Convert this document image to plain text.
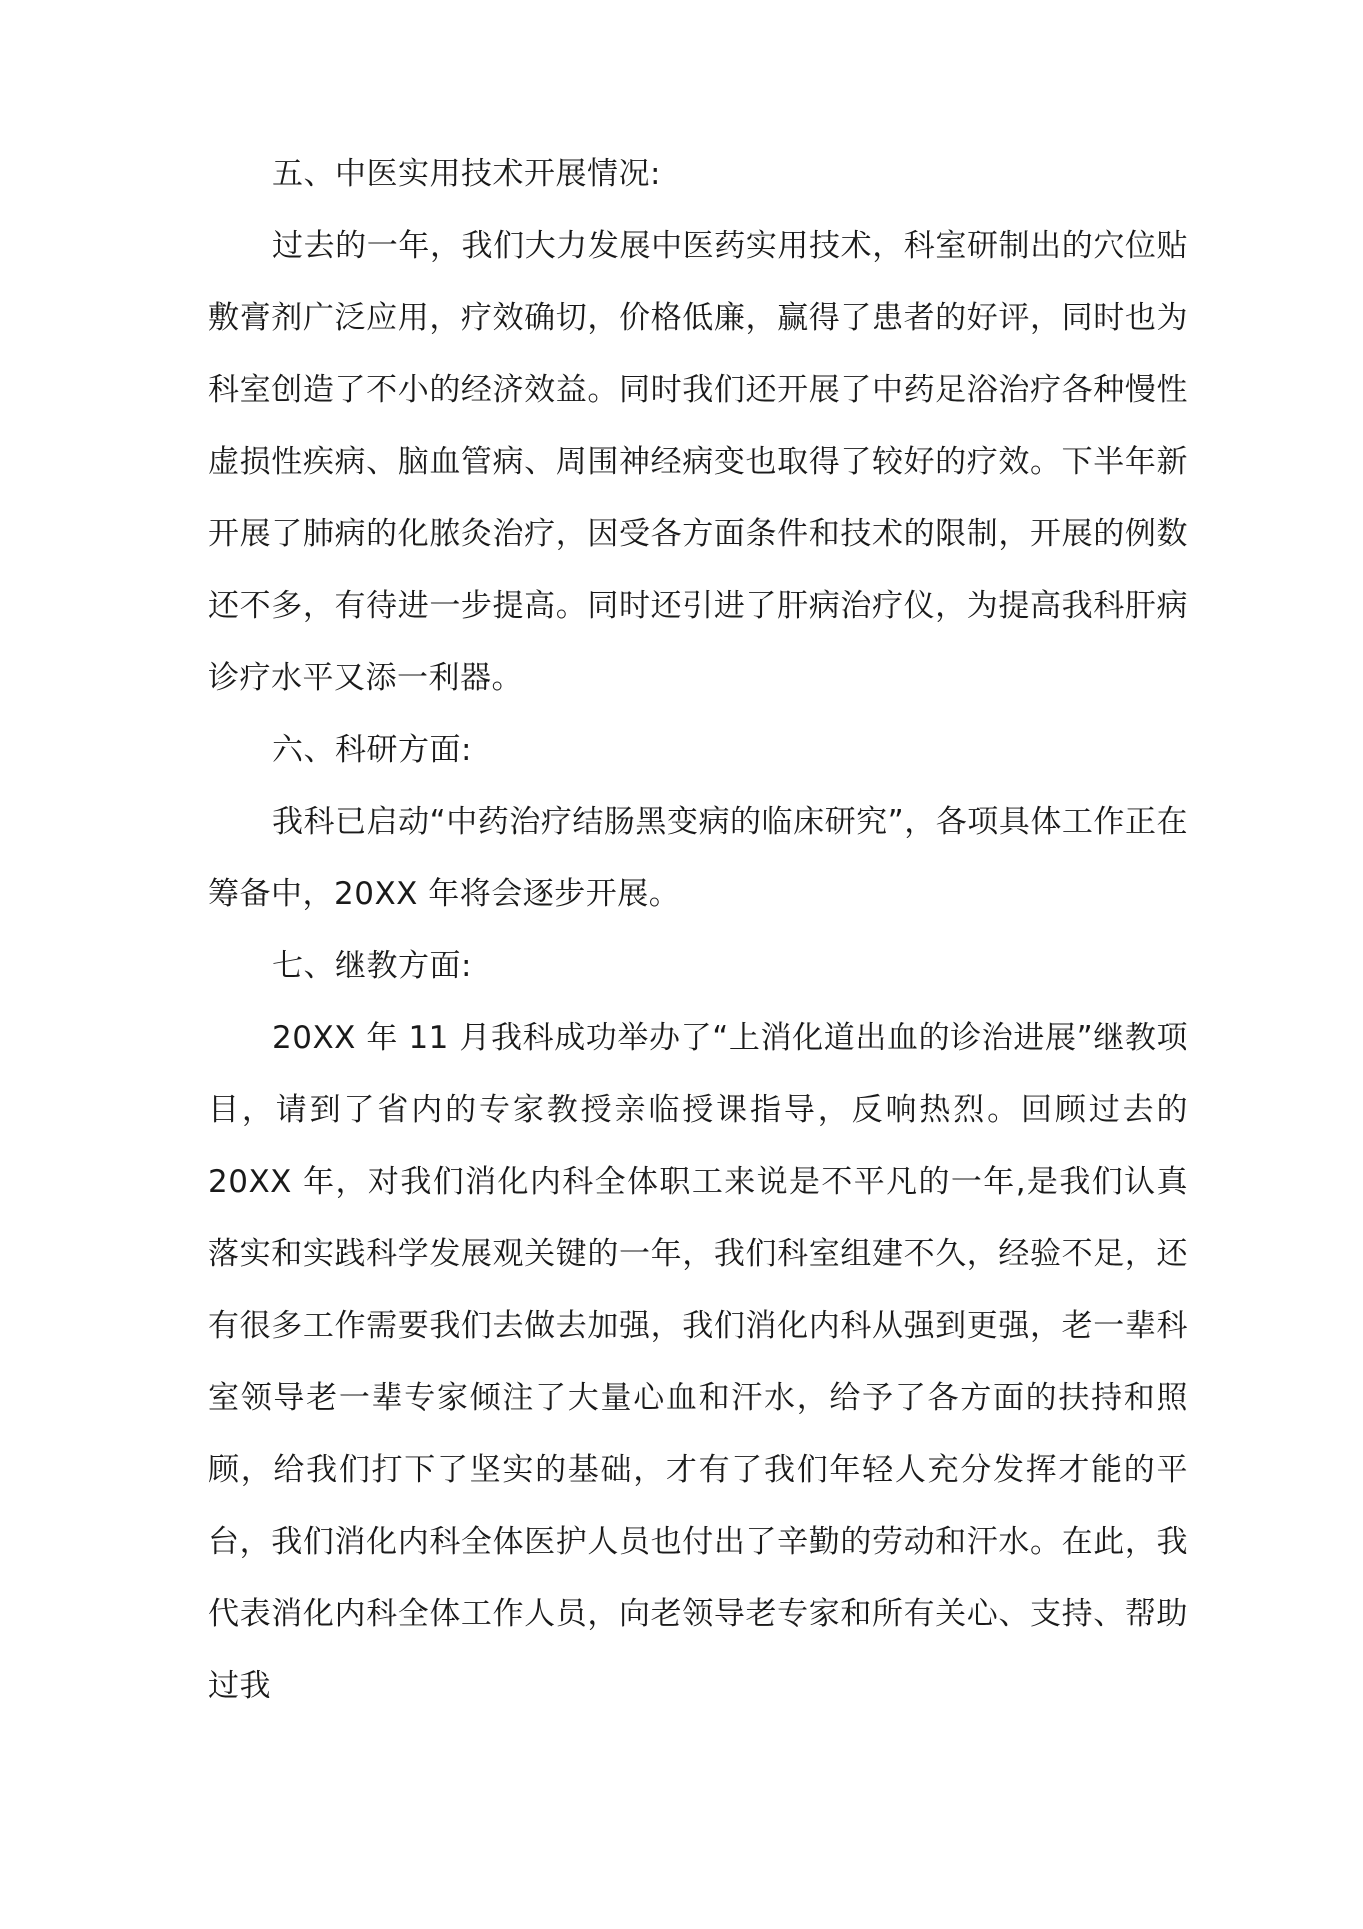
五、中医实用技术开展情况:

过去的一年，我们大力发展中医药实用技术，科室研制出的穴位贴敷膏剂广泛应用，疗效确切，价格低廉，赢得了患者的好评，同时也为科室创造了不小的经济效益。同时我们还开展了中药足浴治疗各种慢性虚损性疾病、脑血管病、周围神经病变也取得了较好的疗效。下半年新开展了肺病的化脓灸治疗，因受各方面条件和技术的限制，开展的例数还不多，有待进一步提高。同时还引进了肝病治疗仪，为提高我科肝病诊疗水平又添一利器。

六、科研方面:

我科已启动“中药治疗结肠黑变病的临床研究”，各项具体工作正在筹备中，20XX 年将会逐步开展。

七、继教方面:

20XX 年 11 月我科成功举办了“上消化道出血的诊治进展”继教项目，请到了省内的专家教授亲临授课指导，反响热烈。回顾过去的 20XX 年，对我们消化内科全体职工来说是不平凡的一年,是我们认真落实和实践科学发展观关键的一年，我们科室组建不久，经验不足，还有很多工作需要我们去做去加强，我们消化内科从强到更强，老一辈科室领导老一辈专家倾注了大量心血和汗水，给予了各方面的扶持和照顾，给我们打下了坚实的基础，才有了我们年轻人充分发挥才能的平台，我们消化内科全体医护人员也付出了辛勤的劳动和汗水。在此，我代表消化内科全体工作人员，向老领导老专家和所有关心、支持、帮助过我
